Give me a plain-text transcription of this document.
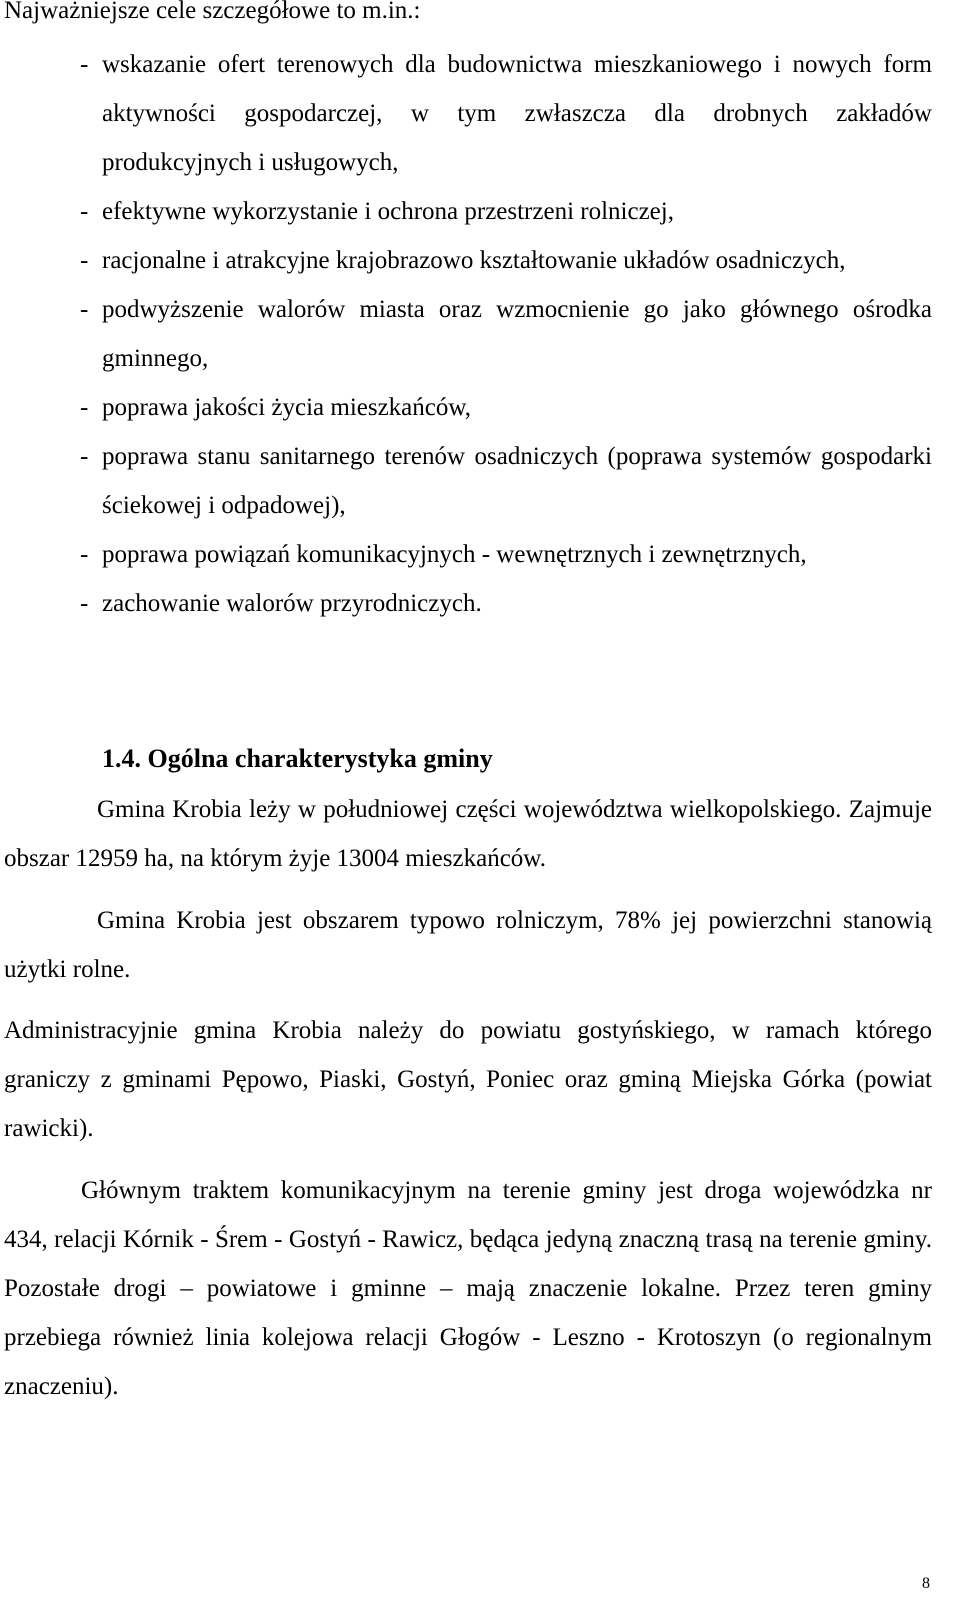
Najważniejsze cele szczegółowe to m.in.:

- wskazanie ofert terenowych dla budownictwa mieszkaniowego i nowych form aktywności gospodarczej, w tym zwłaszcza dla drobnych zakładów produkcyjnych i usługowych,
- efektywne wykorzystanie i ochrona przestrzeni rolniczej,
- racjonalne i atrakcyjne krajobrazowo kształtowanie układów osadniczych,
- podwyższenie walorów miasta oraz wzmocnienie go jako głównego ośrodka gminnego,
- poprawa jakości życia mieszkańców,
- poprawa stanu sanitarnego terenów osadniczych (poprawa systemów gospodarki ściekowej i odpadowej),
- poprawa powiązań komunikacyjnych - wewnętrznych i zewnętrznych,
- zachowanie walorów przyrodniczych.
1.4. Ogólna charakterystyka gminy

Gmina Krobia leży w południowej części województwa wielkopolskiego. Zajmuje obszar 12959 ha, na którym żyje 13004 mieszkańców.

Gmina Krobia jest obszarem typowo rolniczym, 78% jej powierzchni stanowią użytki rolne.

Administracyjnie gmina Krobia należy do powiatu gostyńskiego, w ramach którego graniczy z gminami Pępowo, Piaski, Gostyń, Poniec oraz gminą Miejska Górka (powiat rawicki).

Głównym traktem komunikacyjnym na terenie gminy jest droga wojewódzka nr 434, relacji Kórnik - Śrem - Gostyń - Rawicz, będąca jedyną znaczną trasą na terenie gminy. Pozostałe drogi – powiatowe i gminne – mają znaczenie lokalne. Przez teren gminy przebiega również linia kolejowa relacji Głogów - Leszno - Krotoszyn (o regionalnym znaczeniu).

8
